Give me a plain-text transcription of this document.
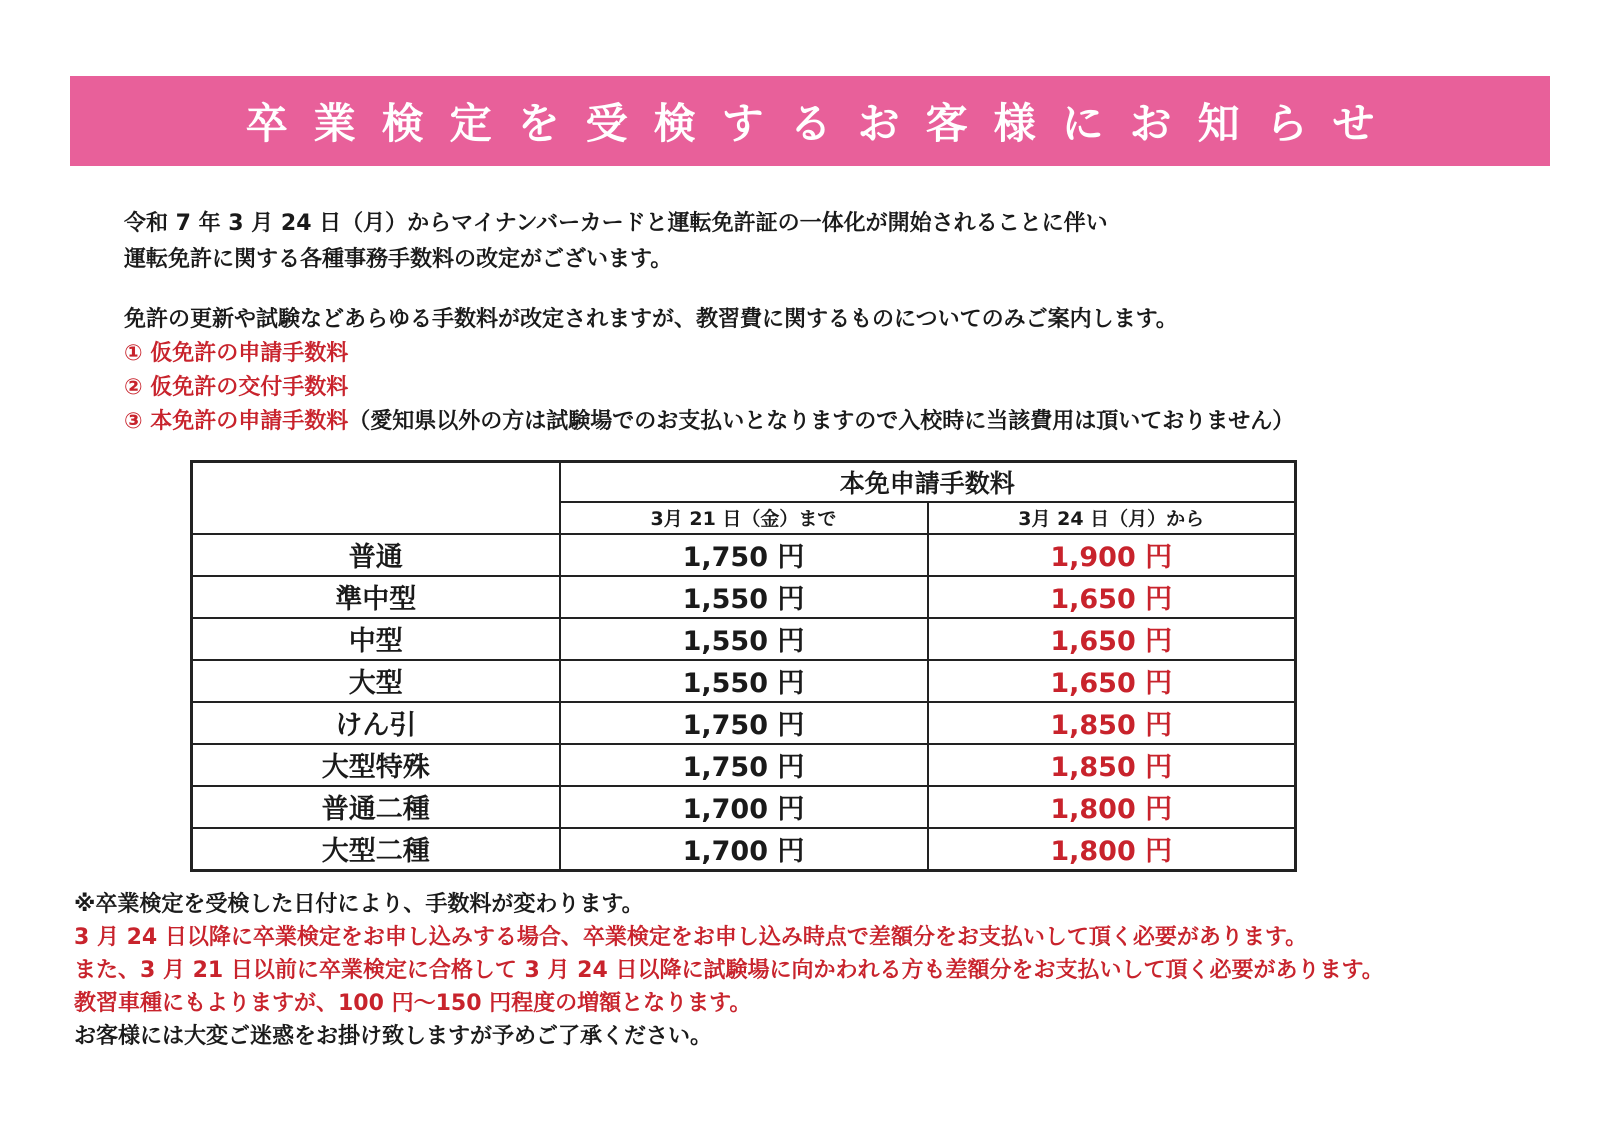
卒業検定を受検するお客様にお知らせ
令和 7 年 3 月 24 日（月）からマイナンバーカードと運転免許証の一体化が開始されることに伴い
運転免許に関する各種事務手数料の改定がございます。
免許の更新や試験などあらゆる手数料が改定されますが、教習費に関するものについてのみご案内します。
① 仮免許の申請手数料
② 仮免許の交付手数料
③ 本免許の申請手数料（愛知県以外の方は試験場でのお支払いとなりますので入校時に当該費用は頂いておりません）
	本免申請手数料	
	3月 21 日（金）まで	3月 24 日（月）から
普通	1,750 円	1,900 円
準中型	1,550 円	1,650 円
中型	1,550 円	1,650 円
大型	1,550 円	1,650 円
けん引	1,750 円	1,850 円
大型特殊	1,750 円	1,850 円
普通二種	1,700 円	1,800 円
大型二種	1,700 円	1,800 円
※卒業検定を受検した日付により、手数料が変わります。
3 月 24 日以降に卒業検定をお申し込みする場合、卒業検定をお申し込み時点で差額分をお支払いして頂く必要があります。
また、3 月 21 日以前に卒業検定に合格して 3 月 24 日以降に試験場に向かわれる方も差額分をお支払いして頂く必要があります。
教習車種にもよりますが、100 円～150 円程度の増額となります。
お客様には大変ご迷惑をお掛け致しますが予めご了承ください。
